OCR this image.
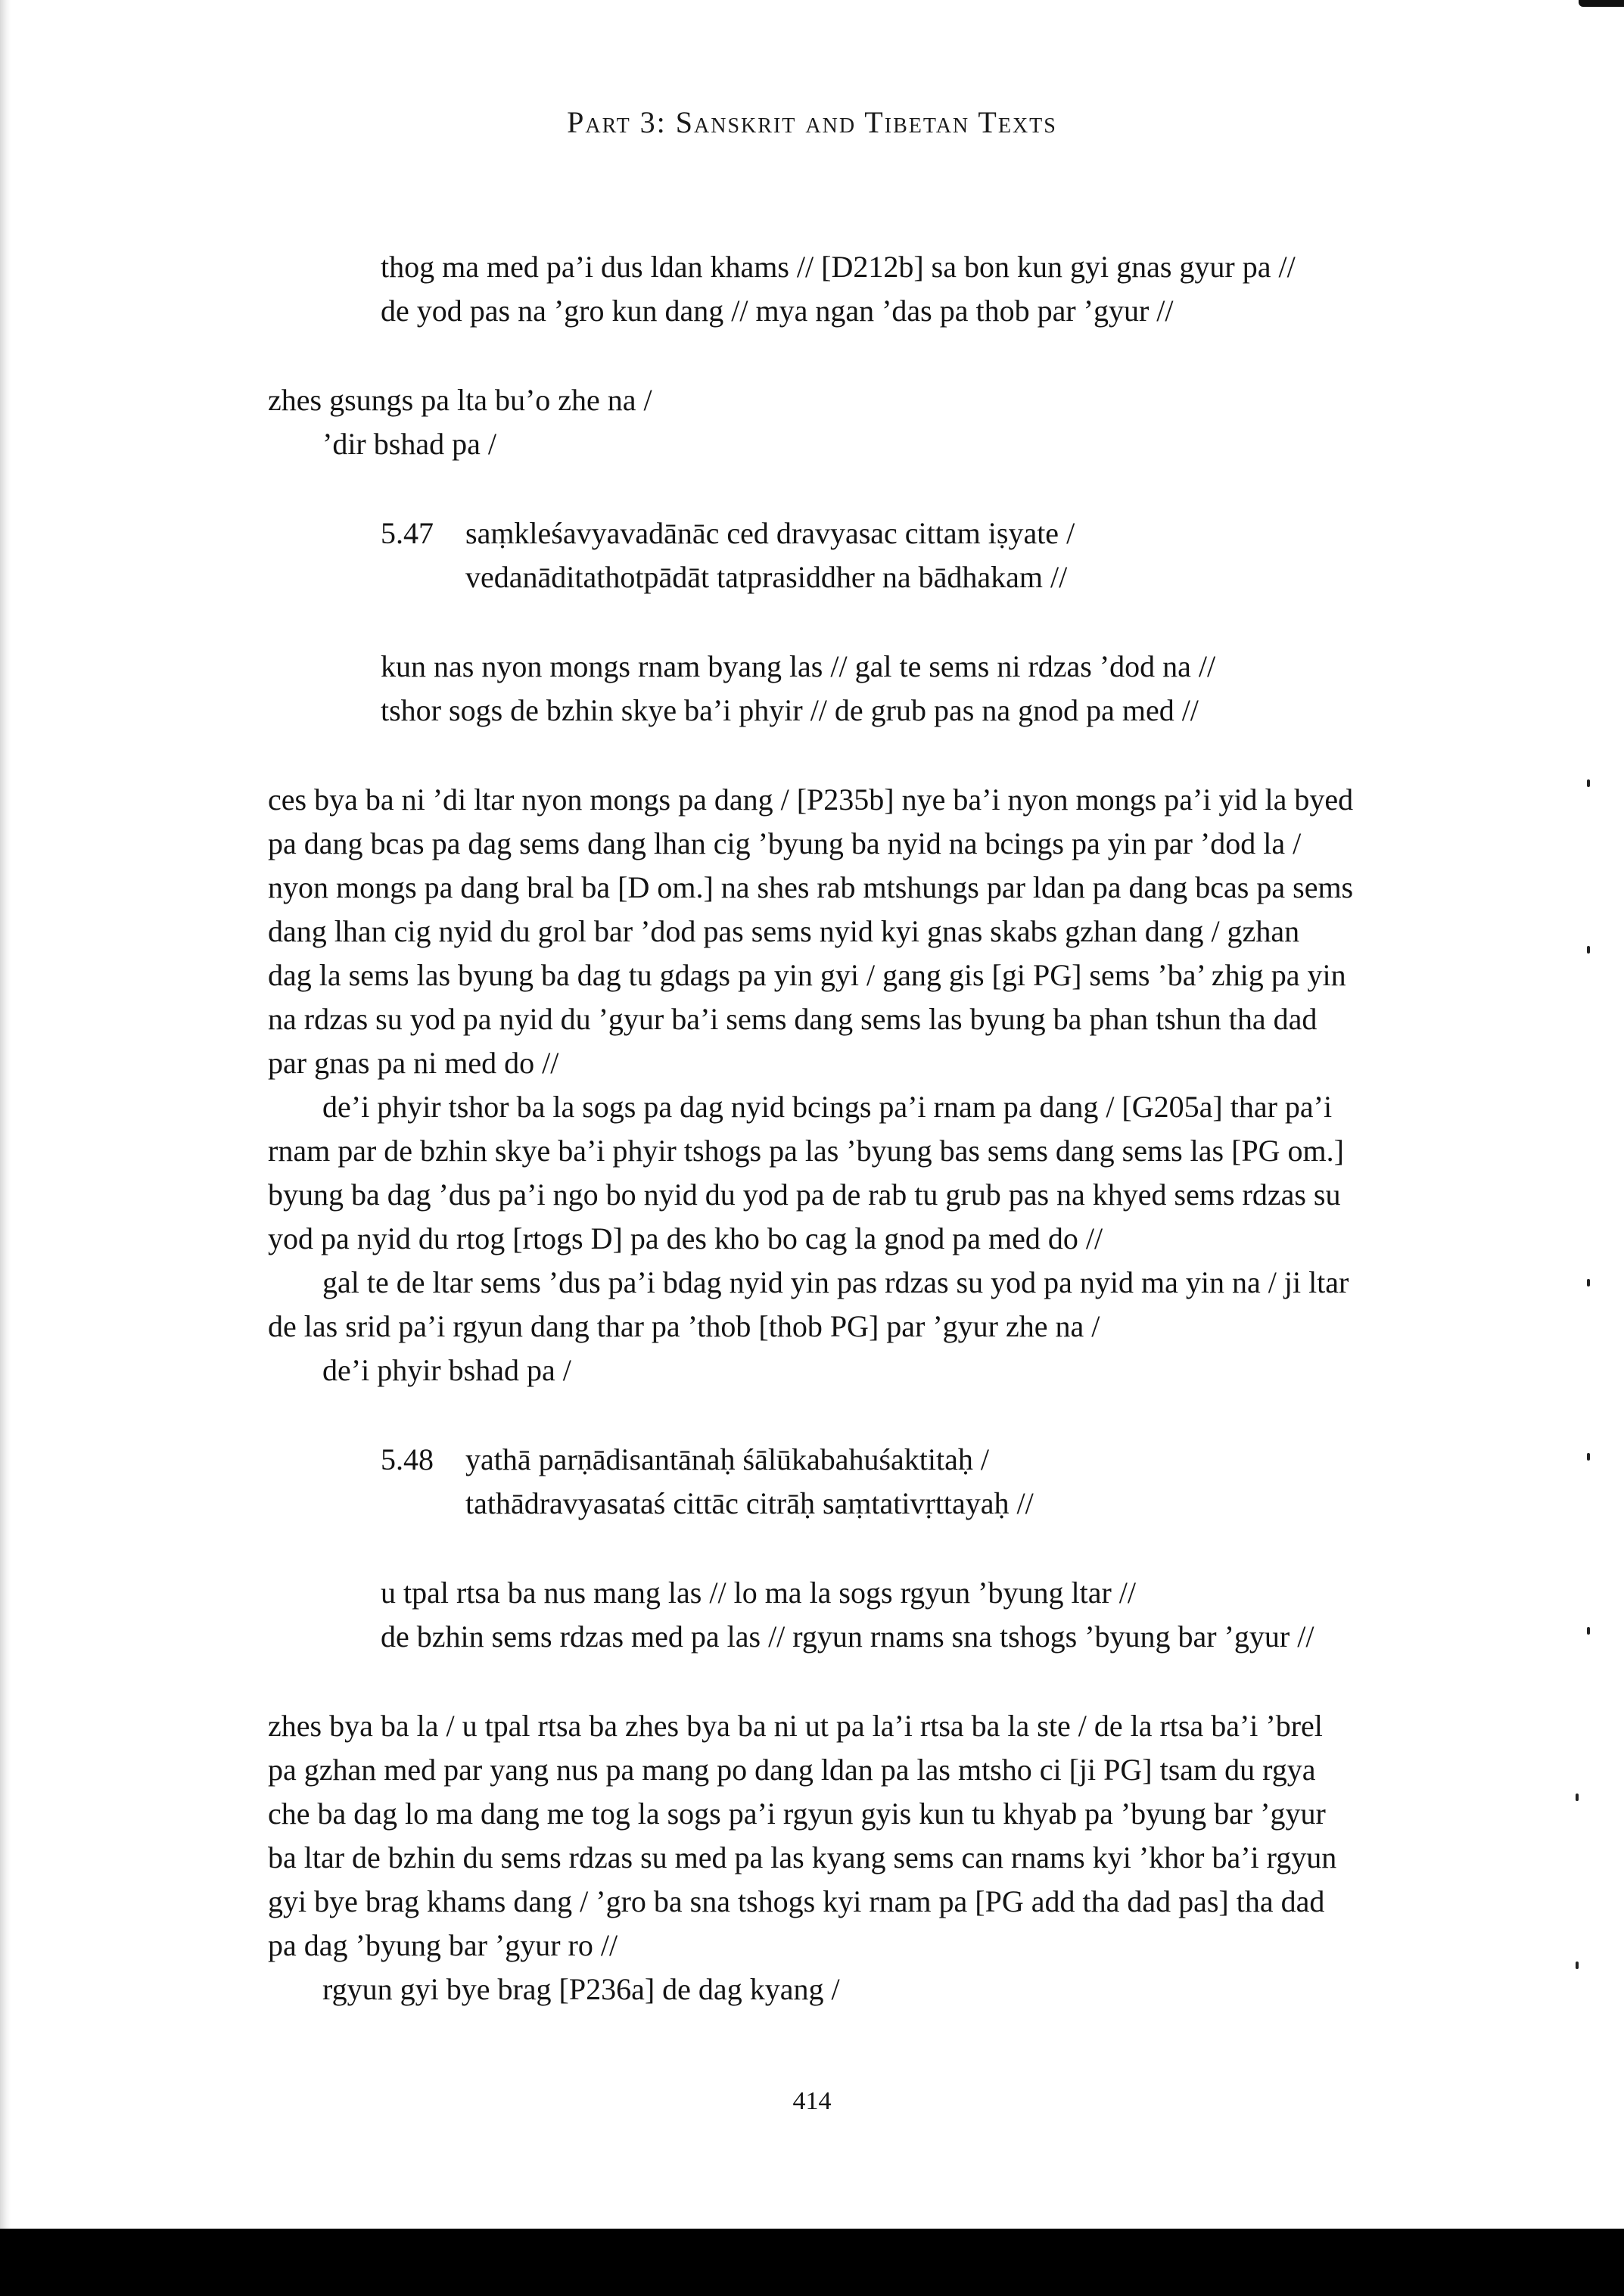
Part 3: Sanskrit and Tibetan Texts
thog ma med pa’i dus ldan khams // [D212b] sa bon kun gyi gnas gyur pa //
de yod pas na ’gro kun dang // mya ngan ’das pa thob par ’gyur //
zhes gsungs pa lta bu’o zhe na /
’dir bshad pa /
5.47 saṃkleśavyavadānāc ced dravyasac cittam iṣyate /
vedanāditathotpādāt tatprasiddher na bādhakam //
kun nas nyon mongs rnam byang las // gal te sems ni rdzas ’dod na //
tshor sogs de bzhin skye ba’i phyir // de grub pas na gnod pa med //
ces bya ba ni ’di ltar nyon mongs pa dang / [P235b] nye ba’i nyon mongs pa’i yid la byed
pa dang bcas pa dag sems dang lhan cig ’byung ba nyid na bcings pa yin par ’dod la /
nyon mongs pa dang bral ba [D om.] na shes rab mtshungs par ldan pa dang bcas pa sems
dang lhan cig nyid du grol bar ’dod pas sems nyid kyi gnas skabs gzhan dang / gzhan
dag la sems las byung ba dag tu gdags pa yin gyi / gang gis [gi PG] sems ’ba’ zhig pa yin
na rdzas su yod pa nyid du ’gyur ba’i sems dang sems las byung ba phan tshun tha dad
par gnas pa ni med do //
de’i phyir tshor ba la sogs pa dag nyid bcings pa’i rnam pa dang / [G205a] thar pa’i
rnam par de bzhin skye ba’i phyir tshogs pa las ’byung bas sems dang sems las [PG om.]
byung ba dag ’dus pa’i ngo bo nyid du yod pa de rab tu grub pas na khyed sems rdzas su
yod pa nyid du rtog [rtogs D] pa des kho bo cag la gnod pa med do //
gal te de ltar sems ’dus pa’i bdag nyid yin pas rdzas su yod pa nyid ma yin na / ji ltar
de las srid pa’i rgyun dang thar pa ’thob [thob PG] par ’gyur zhe na /
de’i phyir bshad pa /
5.48 yathā parṇādisantānaḥ śālūkabahuśaktitaḥ /
tathādravyasataś cittāc citrāḥ saṃtativṛttayaḥ //
u tpal rtsa ba nus mang las // lo ma la sogs rgyun ’byung ltar //
de bzhin sems rdzas med pa las // rgyun rnams sna tshogs ’byung bar ’gyur //
zhes bya ba la / u tpal rtsa ba zhes bya ba ni ut pa la’i rtsa ba la ste / de la rtsa ba’i ’brel
pa gzhan med par yang nus pa mang po dang ldan pa las mtsho ci [ji PG] tsam du rgya
che ba dag lo ma dang me tog la sogs pa’i rgyun gyis kun tu khyab pa ’byung bar ’gyur
ba ltar de bzhin du sems rdzas su med pa las kyang sems can rnams kyi ’khor ba’i rgyun
gyi bye brag khams dang / ’gro ba sna tshogs kyi rnam pa [PG add tha dad pas] tha dad
pa dag ’byung bar ’gyur ro //
rgyun gyi bye brag [P236a] de dag kyang /
414
